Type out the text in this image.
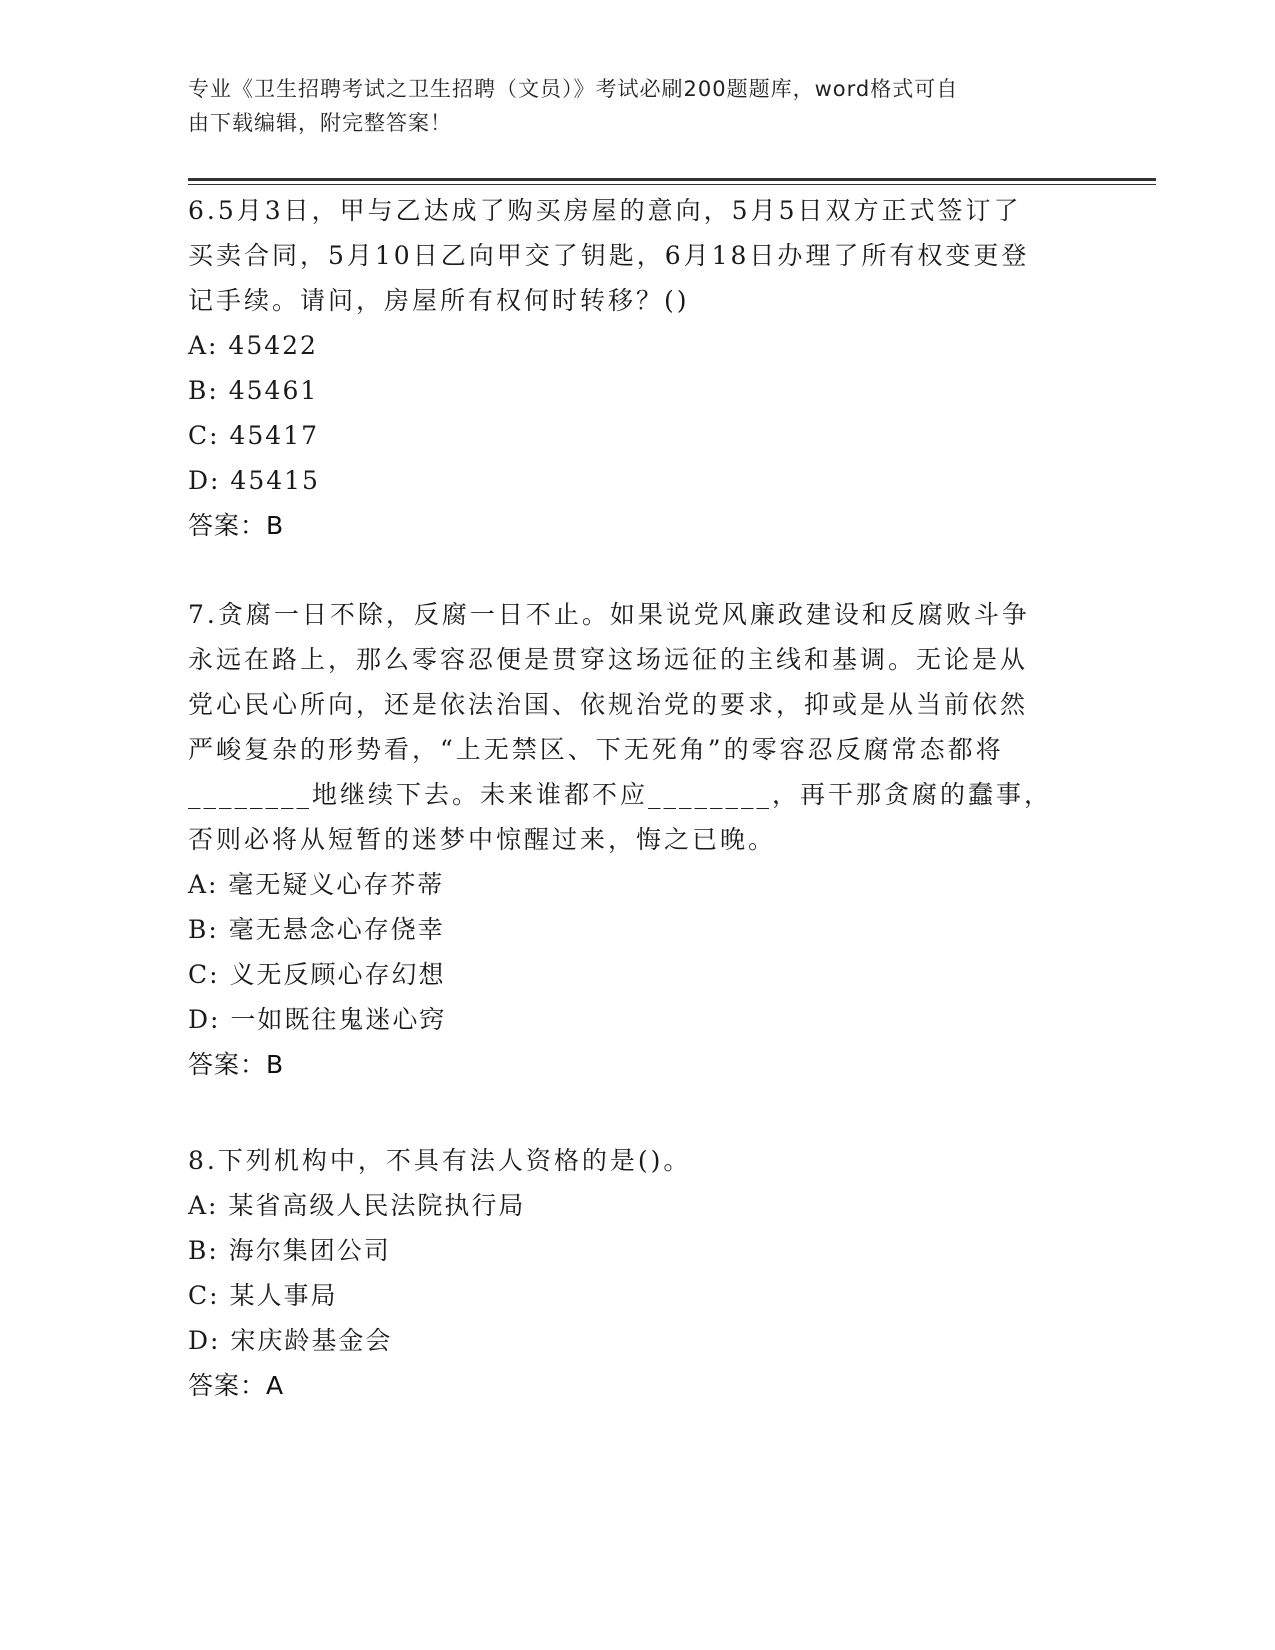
专业《卫生招聘考试之卫生招聘（文员）》考试必刷200题题库，word格式可自
由下载编辑，附完整答案！

6.5月3日，甲与乙达成了购买房屋的意向，5月5日双方正式签订了

买卖合同，5月10日乙向甲交了钥匙，6月18日办理了所有权变更登

记手续。请问，房屋所有权何时转移？()

A: 45422

B: 45461

C: 45417

D: 45415

答案：B

7.贪腐一日不除，反腐一日不止。如果说党风廉政建设和反腐败斗争

永远在路上，那么零容忍便是贯穿这场远征的主线和基调。无论是从

党心民心所向，还是依法治国、依规治党的要求，抑或是从当前依然

严峻复杂的形势看，“上无禁区、下无死角”的零容忍反腐常态都将

________地继续下去。未来谁都不应________，再干那贪腐的蠢事，

否则必将从短暂的迷梦中惊醒过来，悔之已晚。

A: 毫无疑义心存芥蒂

B: 毫无悬念心存侥幸

C: 义无反顾心存幻想

D: 一如既往鬼迷心窍

答案：B

8.下列机构中，不具有法人资格的是()。

A: 某省高级人民法院执行局

B: 海尔集团公司

C: 某人事局

D: 宋庆龄基金会

答案：A
